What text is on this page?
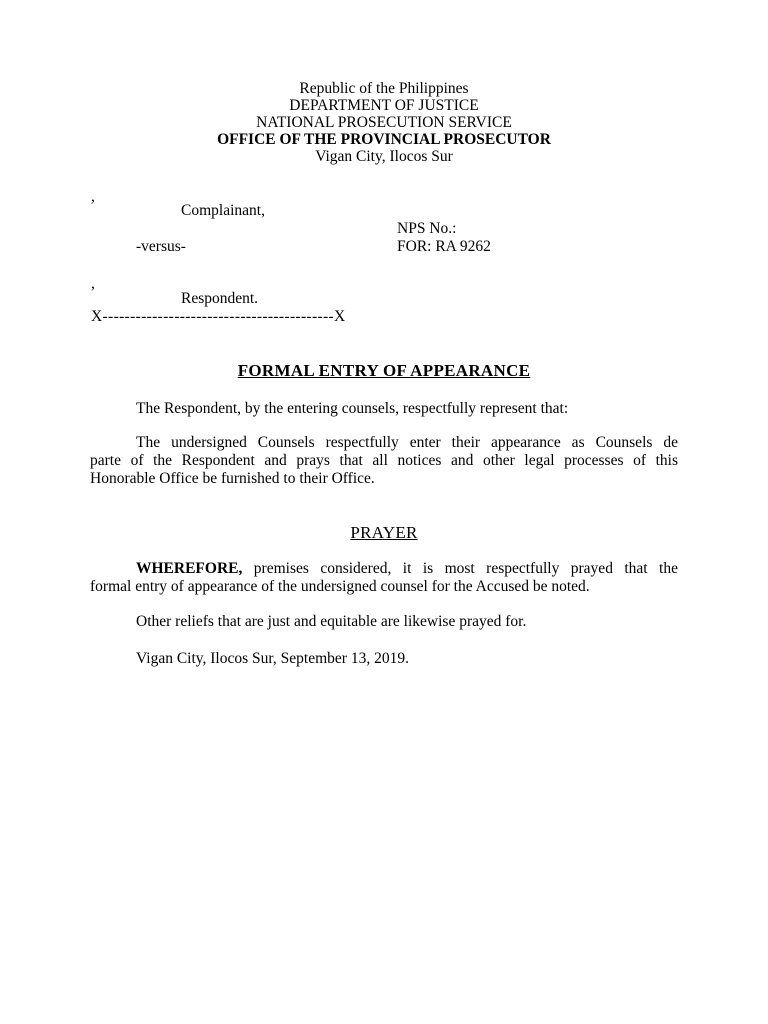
Republic of the Philippines
DEPARTMENT OF JUSTICE
NATIONAL PROSECUTION SERVICE
OFFICE OF THE PROVINCIAL PROSECUTOR
Vigan City, Ilocos Sur
,
Complainant,
NPS No.:
-versus-	FOR: RA 9262
,
Respondent.
X------------------------------------------X
FORMAL ENTRY OF APPEARANCE
The Respondent, by the entering counsels, respectfully represent that:
The undersigned Counsels respectfully enter their appearance as Counsels de
parte of the Respondent and prays that all notices and other legal processes of this
Honorable Office be furnished to their Office.
PRAYER
WHEREFORE, premises considered, it is most respectfully prayed that the
formal entry of appearance of the undersigned counsel for the Accused be noted.
Other reliefs that are just and equitable are likewise prayed for.
Vigan City, Ilocos Sur, September 13, 2019.
